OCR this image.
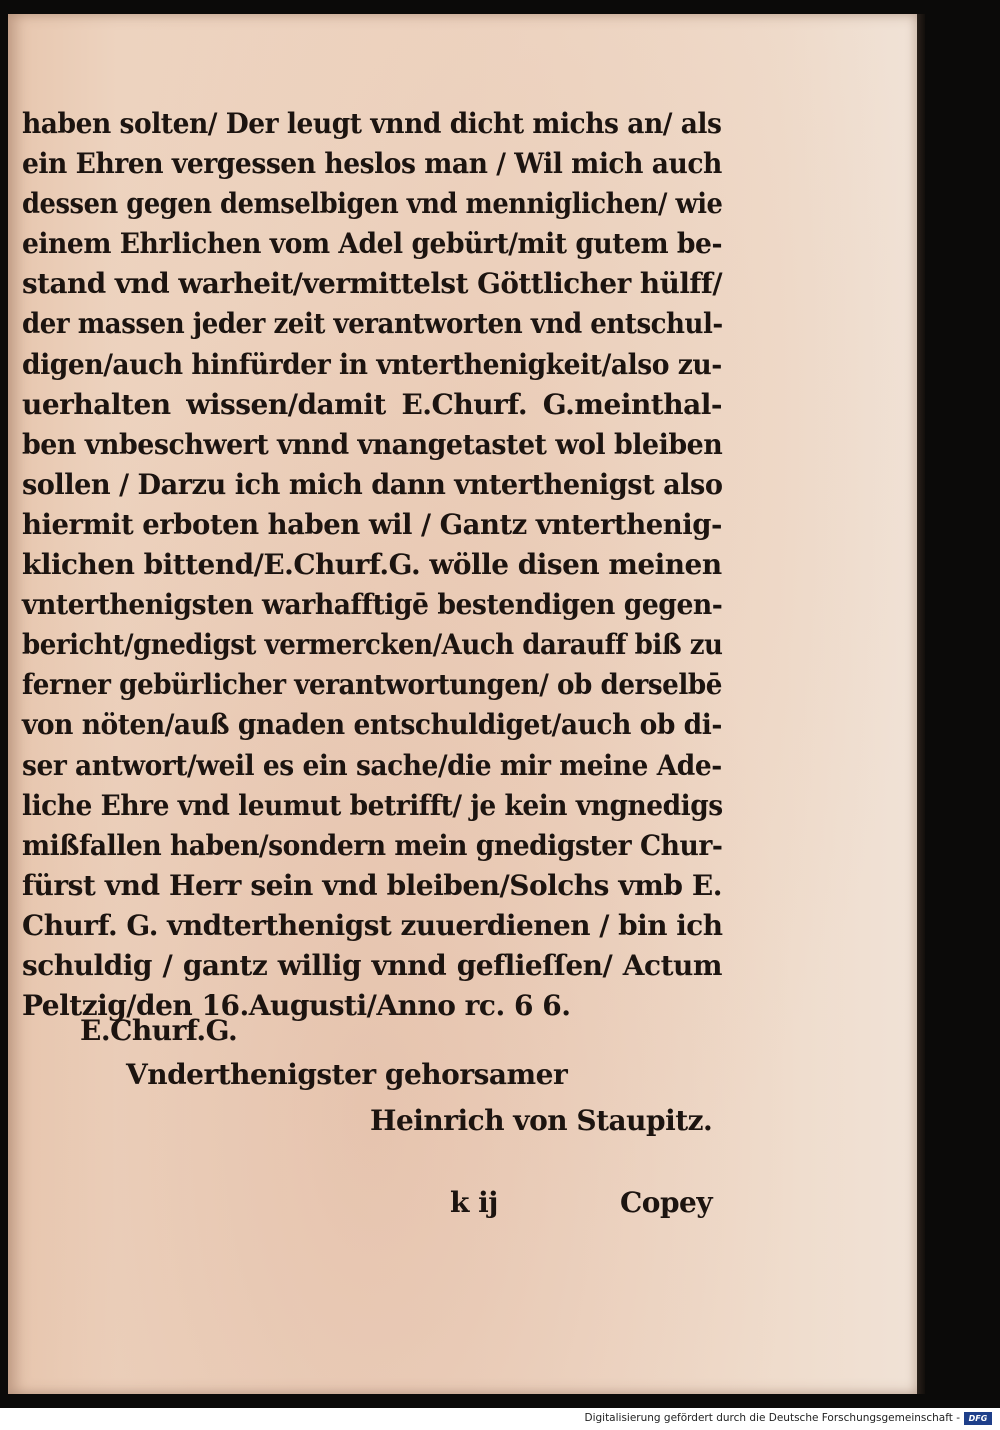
haben solten/ Der leugt vnnd dicht michs an/ als
ein Ehren vergessen heslos man / Wil mich auch
dessen gegen demselbigen vnd menniglichen/ wie
einem Ehrlichen vom Adel gebürt/mit gutem be-
stand vnd warheit/vermittelst Göttlicher hülff/
der massen jeder zeit verantworten vnd entschul-
digen/auch hinfürder in vnterthenigkeit/also zu-
uerhalten wissen/damit E.Churf. G.meinthal-
ben vnbeschwert vnnd vnangetastet wol bleiben
sollen / Darzu ich mich dann vnterthenigst also
hiermit erboten haben wil / Gantz vnterthenig-
klichen bittend/E.Churf.G. wölle disen meinen
vnterthenigsten warhafftigē bestendigen gegen-
bericht/gnedigst vermercken/Auch darauff biß zu
ferner gebürlicher verantwortungen/ ob derselbē
von nöten/auß gnaden entschuldiget/auch ob di-
ser antwort/weil es ein sache/die mir meine Ade-
liche Ehre vnd leumut betrifft/ je kein vngnedigs
mißfallen haben/sondern mein gnedigster Chur-
fürst vnd Herr sein vnd bleiben/Solchs vmb E.
Churf. G. vndterthenigst zuuerdienen / bin ich
schuldig / gantz willig vnnd geflieſſen/ Actum
Peltzig/den 16.Augusti/Anno rc. 6 6.
E.Churf.G.
Vnderthenigster gehorsamer
Heinrich von Staupitz.
k ij	Copey
Digitalisierung gefördert durch die Deutsche Forschungsgemeinschaft -	DFG
